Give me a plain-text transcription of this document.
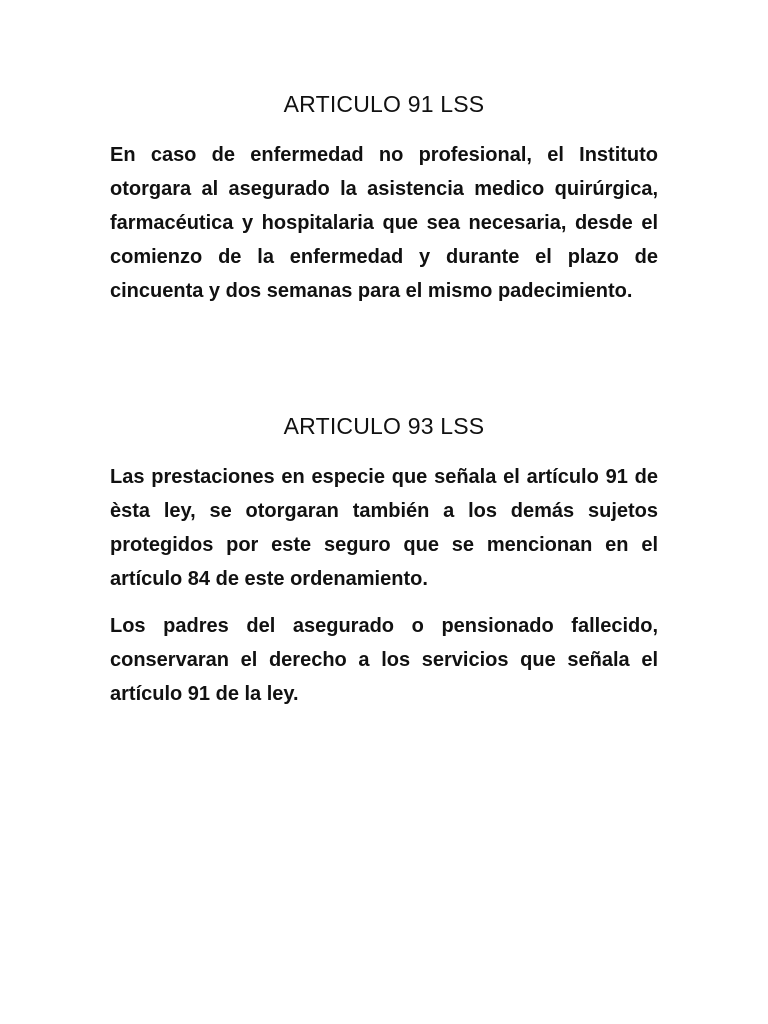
ARTICULO 91 LSS

En caso de enfermedad no profesional, el Instituto otorgara al asegurado la asistencia medico quirúrgica, farmacéutica y hospitalaria que sea necesaria, desde el comienzo de la enfermedad y durante el plazo de cincuenta y dos semanas para el mismo padecimiento.

ARTICULO 93 LSS

Las prestaciones en especie que señala el artículo 91 de èsta ley, se otorgaran también a los demás sujetos protegidos por este seguro que se mencionan en el artículo 84 de este ordenamiento.

Los padres del asegurado o pensionado fallecido, conservaran el derecho a los servicios que señala el artículo 91 de la ley.
